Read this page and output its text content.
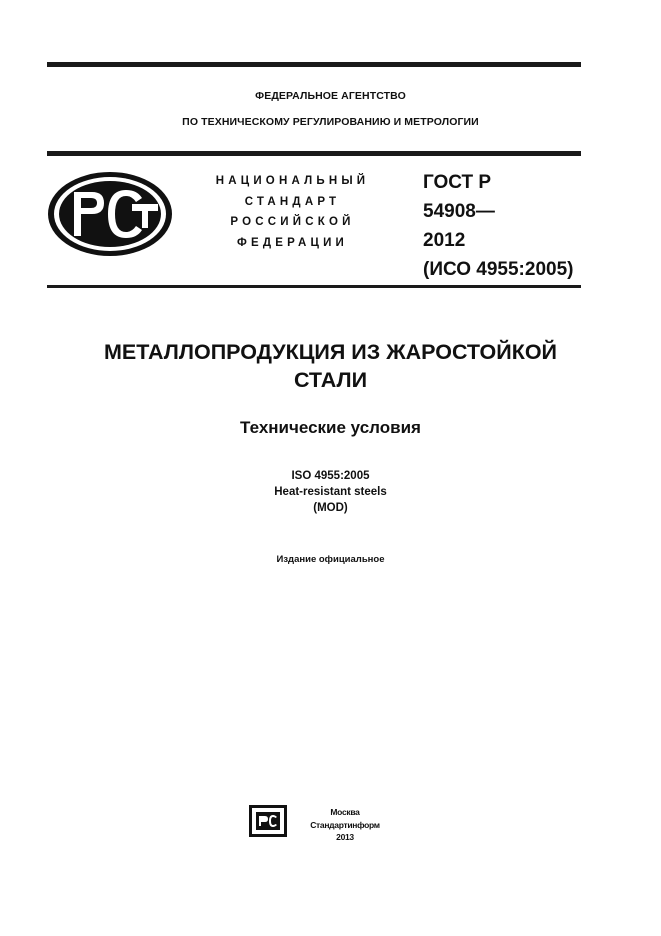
ФЕДЕРАЛЬНОЕ АГЕНТСТВО
ПО ТЕХНИЧЕСКОМУ РЕГУЛИРОВАНИЮ И МЕТРОЛОГИИ
НАЦИОНАЛЬНЫЙ
СТАНДАРТ
РОССИЙСКОЙ
ФЕДЕРАЦИИ
ГОСТ Р
54908—
2012
(ИСО 4955:2005)
МЕТАЛЛОПРОДУКЦИЯ ИЗ ЖАРОСТОЙКОЙ
СТАЛИ
Технические условия
ISO 4955:2005
Heat-resistant steels
(MOD)
Издание официальное
Москва
Стандартинформ
2013
